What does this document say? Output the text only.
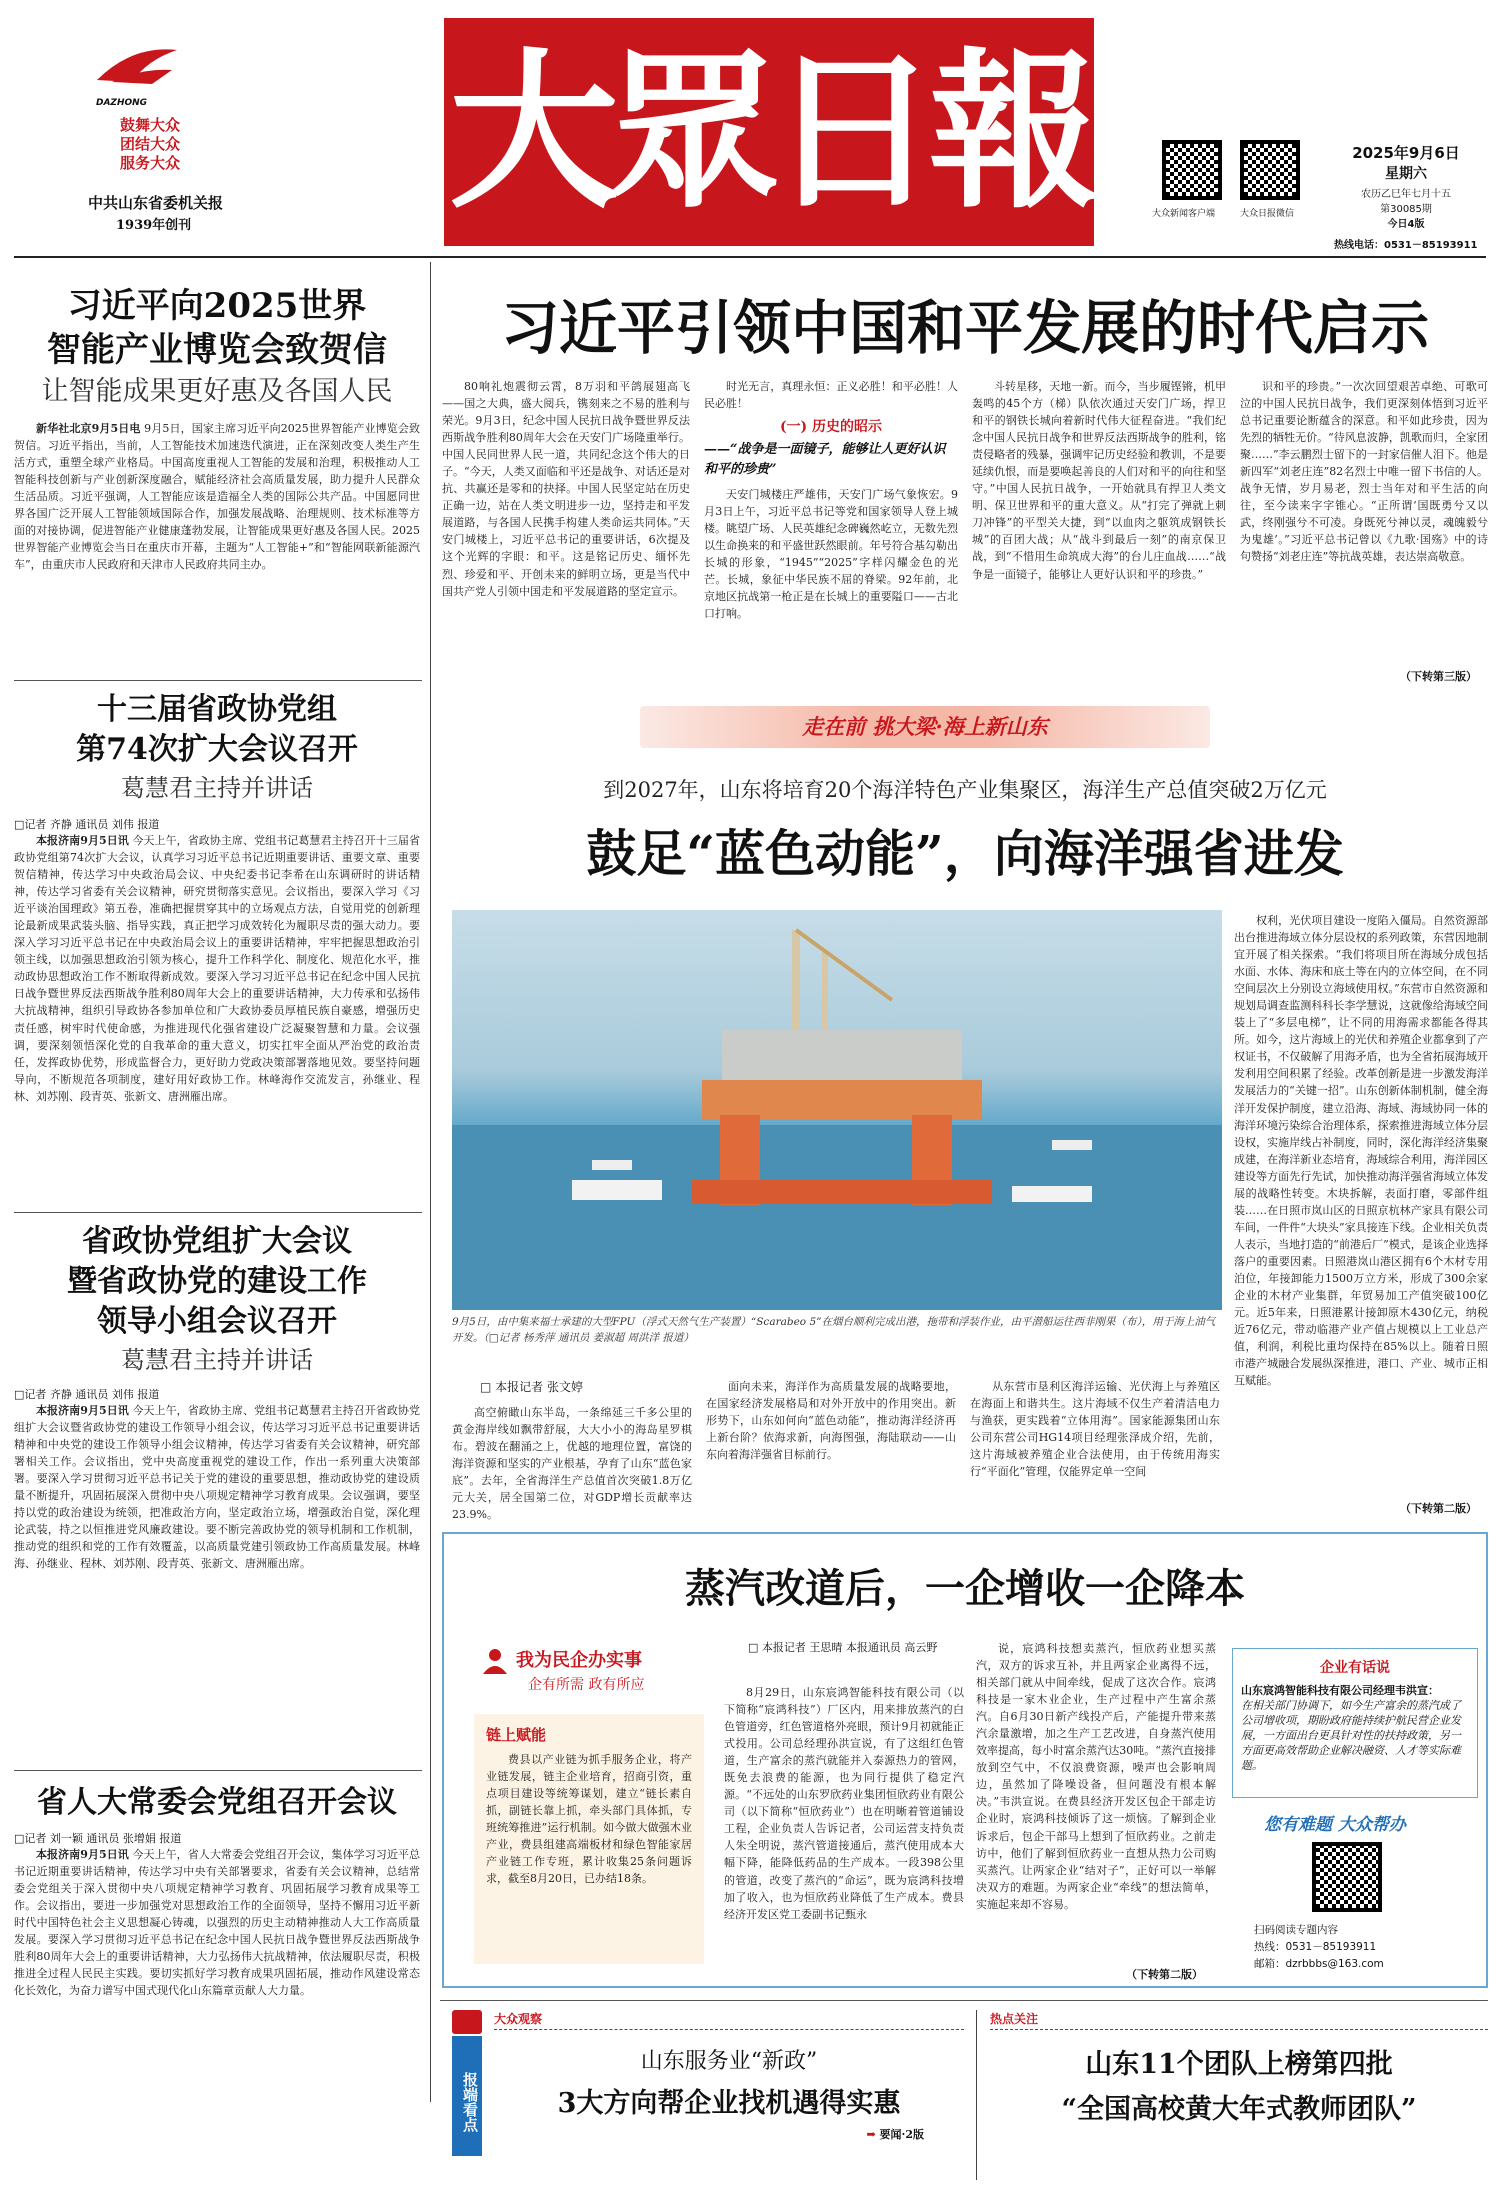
DAZHONG
鼓舞大众
团结大众
服务大众
中共山东省委机关报
1939年创刊 大眾日報	大众新闻客户端	大众日报微信
2025年9月6日
星期六
农历乙巳年七月十五
第30085期
今日4版
热线电话：0531－85193911
习近平向2025世界
智能产业博览会致贺信
让智能成果更好惠及各国人民

新华社北京9月5日电 9月5日，国家主席习近平向2025世界智能产业博览会致贺信。习近平指出，当前，人工智能技术加速迭代演进，正在深刻改变人类生产生活方式，重塑全球产业格局。中国高度重视人工智能的发展和治理，积极推动人工智能科技创新与产业创新深度融合，赋能经济社会高质量发展，助力提升人民群众生活品质。习近平强调，人工智能应该是造福全人类的国际公共产品。中国愿同世界各国广泛开展人工智能领域国际合作，加强发展战略、治理规则、技术标准等方面的对接协调，促进智能产业健康蓬勃发展，让智能成果更好惠及各国人民。2025世界智能产业博览会当日在重庆市开幕，主题为“人工智能+”和“智能网联新能源汽车”，由重庆市人民政府和天津市人民政府共同主办。

十三届省政协党组
第74次扩大会议召开
葛慧君主持并讲话
□记者 齐静 通讯员 刘伟 报道

本报济南9月5日讯 今天上午，省政协主席、党组书记葛慧君主持召开十三届省政协党组第74次扩大会议，认真学习习近平总书记近期重要讲话、重要文章、重要贺信精神，传达学习中央政治局会议、中央纪委书记李希在山东调研时的讲话精神，传达学习省委有关会议精神，研究贯彻落实意见。会议指出，要深入学习《习近平谈治国理政》第五卷，准确把握贯穿其中的立场观点方法，自觉用党的创新理论最新成果武装头脑、指导实践，真正把学习成效转化为履职尽责的强大动力。要深入学习习近平总书记在中央政治局会议上的重要讲话精神，牢牢把握思想政治引领主线，以加强思想政治引领为核心，提升工作科学化、制度化、规范化水平，推动政协思想政治工作不断取得新成效。要深入学习习近平总书记在纪念中国人民抗日战争暨世界反法西斯战争胜利80周年大会上的重要讲话精神，大力传承和弘扬伟大抗战精神，组织引导政协各参加单位和广大政协委员厚植民族自豪感，增强历史责任感，树牢时代使命感，为推进现代化强省建设广泛凝聚智慧和力量。会议强调，要深刻领悟深化党的自我革命的重大意义，切实扛牢全面从严治党的政治责任，发挥政协优势，形成监督合力，更好助力党政决策部署落地见效。要坚持问题导向，不断规范各项制度，建好用好政协工作。林峰海作交流发言，孙继业、程林、刘苏刚、段青英、张新文、唐洲雁出席。

省政协党组扩大会议
暨省政协党的建设工作
领导小组会议召开
葛慧君主持并讲话
□记者 齐静 通讯员 刘伟 报道

本报济南9月5日讯 今天上午，省政协主席、党组书记葛慧君主持召开省政协党组扩大会议暨省政协党的建设工作领导小组会议，传达学习习近平总书记重要讲话精神和中央党的建设工作领导小组会议精神，传达学习省委有关会议精神，研究部署相关工作。会议指出，党中央高度重视党的建设工作，作出一系列重大决策部署。要深入学习贯彻习近平总书记关于党的建设的重要思想，推动政协党的建设质量不断提升，巩固拓展深入贯彻中央八项规定精神学习教育成果。会议强调，要坚持以党的政治建设为统领，把准政治方向，坚定政治立场，增强政治自觉，深化理论武装，持之以恒推进党风廉政建设。要不断完善政协党的领导机制和工作机制，推动党的组织和党的工作有效覆盖，以高质量党建引领政协工作高质量发展。林峰海、孙继业、程林、刘苏刚、段青英、张新文、唐洲雁出席。

省人大常委会党组召开会议
□记者 刘一颖 通讯员 张增娟 报道

本报济南9月5日讯 今天上午，省人大常委会党组召开会议，集体学习习近平总书记近期重要讲话精神，传达学习中央有关部署要求，省委有关会议精神，总结常委会党组关于深入贯彻中央八项规定精神学习教育、巩固拓展学习教育成果等工作。会议指出，要进一步加强党对思想政治工作的全面领导，坚持不懈用习近平新时代中国特色社会主义思想凝心铸魂，以强烈的历史主动精神推动人大工作高质量发展。要深入学习贯彻习近平总书记在纪念中国人民抗日战争暨世界反法西斯战争胜利80周年大会上的重要讲话精神，大力弘扬伟大抗战精神，依法履职尽责，积极推进全过程人民民主实践。要切实抓好学习教育成果巩固拓展，推动作风建设常态化长效化，为奋力谱写中国式现代化山东篇章贡献人大力量。

习近平引领中国和平发展的时代启示

80响礼炮震彻云霄，8万羽和平鸽展翅高飞——国之大典，盛大阅兵，镌刻来之不易的胜利与荣光。9月3日，纪念中国人民抗日战争暨世界反法西斯战争胜利80周年大会在天安门广场隆重举行。中国人民同世界人民一道，共同纪念这个伟大的日子。“今天，人类又面临和平还是战争、对话还是对抗、共赢还是零和的抉择。中国人民坚定站在历史正确一边，站在人类文明进步一边，坚持走和平发展道路，与各国人民携手构建人类命运共同体。”天安门城楼上，习近平总书记的重要讲话，6次提及这个光辉的字眼：和平。这是铭记历史、缅怀先烈、珍爱和平、开创未来的鲜明立场，更是当代中国共产党人引领中国走和平发展道路的坚定宣示。

时光无言，真理永恒：正义必胜！和平必胜！人民必胜！

(一) 历史的昭示
——“战争是一面镜子，能够让人更好认识和平的珍贵”

天安门城楼庄严雄伟，天安门广场气象恢宏。9月3日上午，习近平总书记等党和国家领导人登上城楼。眺望广场、人民英雄纪念碑巍然屹立，无数先烈以生命换来的和平盛世跃然眼前。年号符合基勾勒出长城的形象，“1945”“2025”字样闪耀金色的光芒。长城，象征中华民族不屈的脊梁。92年前，北京地区抗战第一枪正是在长城上的重要隘口——古北口打响。

斗转星移，天地一新。而今，当步履铿锵，机甲轰鸣的45个方（梯）队依次通过天安门广场，捍卫和平的钢铁长城向着新时代伟大征程奋进。“我们纪念中国人民抗日战争和世界反法西斯战争的胜利，铭责侵略者的残暴，强调牢记历史经验和教训，不是要延续仇恨，而是要唤起善良的人们对和平的向往和坚守。”中国人民抗日战争，一开始就具有捍卫人类文明、保卫世界和平的重大意义。从“打完了弹就上刺刀冲锋”的平型关大捷，到“以血肉之躯筑成钢铁长城”的百团大战；从“战斗到最后一刻”的南京保卫战，到“不惜用生命筑成大海”的台儿庄血战……“战争是一面镜子，能够让人更好认识和平的珍贵。”

识和平的珍贵。”一次次回望艰苦卓绝、可歌可泣的中国人民抗日战争，我们更深刻体悟到习近平总书记重要论断蕴含的深意。和平如此珍贵，因为先烈的牺牲无价。“待风息波静，凯歌而归，全家团聚……”李云鹏烈士留下的一封家信催人泪下。他是新四军“刘老庄连”82名烈士中唯一留下书信的人。战争无情，岁月易老，烈士当年对和平生活的向往，至今读来字字锥心。“正所谓‘国既勇兮又以武，终刚强兮不可凌。身既死兮神以灵，魂魄毅兮为鬼雄’。”习近平总书记曾以《九歌·国殇》中的诗句赞扬“刘老庄连”等抗战英雄，表达崇高敬意。

（下转第三版）
走在前 挑大梁·海上新山东
到2027年，山东将培育20个海洋特色产业集聚区，海洋生产总值突破2万亿元
鼓足“蓝色动能”，向海洋强省进发
9月5日，由中集来福士承建的大型FPU（浮式天然气生产装置）“Scarabeo 5”在烟台顺利完成出港，拖带和浮装作业，由平潜船运往西非刚果（布），用于海上油气开发。（□记者 杨秀萍 通讯员 姜淑超 周洪洋 报道）
□ 本报记者 张文婷

高空俯瞰山东半岛，一条绵延三千多公里的黄金海岸线如飘带舒展，大大小小的海岛星罗棋布。碧波在翻涌之上，优越的地理位置，富饶的海洋资源和坚实的产业根基，孕育了山东“蓝色家底”。去年，全省海洋生产总值首次突破1.8万亿元大关，居全国第二位，对GDP增长贡献率达23.9%。

面向未来，海洋作为高质量发展的战略要地，在国家经济发展格局和对外开放中的作用突出。新形势下，山东如何向“蓝色动能”，推动海洋经济再上新台阶？依海求新，向海图强，海陆联动——山东向着海洋强省目标前行。

从东营市垦利区海洋运输、光伏海上与养殖区在海面上和谐共生。这片海域不仅生产着清洁电力与渔获，更实践着“立体用海”。国家能源集团山东公司东营公司HG14项目经理张泽成介绍，先前，这片海域被养殖企业合法使用，由于传统用海实行“平面化”管理，仅能界定单一空间

权利，光伏项目建设一度陷入僵局。自然资源部出台推进海域立体分层设权的系列政策，东营因地制宜开展了相关探索。“我们将项目所在海域分成包括水面、水体、海床和底土等在内的立体空间，在不同空间层次上分别设立海域使用权。”东营市自然资源和规划局调查监测科科长李学慧说，这就像给海域空间装上了“多层电梯”，让不同的用海需求都能各得其所。如今，这片海域上的光伏和养殖企业都拿到了产权证书，不仅破解了用海矛盾，也为全省拓展海域开发利用空间积累了经验。改革创新是进一步激发海洋发展活力的“关键一招”。山东创新体制机制，健全海洋开发保护制度，建立沿海、海域、海域协同一体的海洋环境污染综合治理体系，探索推进海域立体分层设权，实施岸线占补制度，同时，深化海洋经济集聚成建，在海洋新业态培育，海域综合利用，海洋园区建设等方面先行先试，加快推动海洋强省海域立体发展的战略性转变。木块拆解，表面打磨，零部件组装……在日照市岚山区的日照京杭林产家具有限公司车间，一件件“大块头”家具接连下线。企业相关负责人表示，当地打造的“前港后厂”模式，是该企业选择落户的重要因素。日照港岚山港区拥有6个木材专用泊位，年接卸能力1500万立方米，形成了300余家企业的木材产业集群，年贸易加工产值突破100亿元。近5年来，日照港累计接卸原木430亿元，纳税近76亿元，带动临港产业产值占规模以上工业总产值，利润，利税比重均保持在85%以上。随着日照市港产城融合发展纵深推进，港口、产业、城市正相互赋能。

（下转第二版）
蒸汽改道后，一企增收一企降本
我为民企办实事
企有所需 政有所应
链上赋能

费县以产业链为抓手服务企业，将产业链发展，链主企业培育，招商引资，重点项目建设等统筹谋划，建立“链长素自抓，副链长靠上抓，牵头部门具体抓，专班统筹推进”运行机制。如今做大做强木业产业，费县组建高端板材和绿色智能家居产业链工作专班，累计收集25条问题诉求，截至8月20日，已办结18条。

□ 本报记者 王思晴 本报通讯员 高云野

8月29日，山东宸鸿智能科技有限公司（以下简称“宸鸿科技”）厂区内，用来排放蒸汽的白色管道旁，红色管道格外亮眼，预计9月初就能正式投用。公司总经理孙洪宣说，有了这组红色管道，生产富余的蒸汽就能并入泰源热力的管网，既免去浪费的能源，也为同行提供了稳定汽源。“不远处的山东罗欣药业集团恒欣药业有限公司（以下简称“恒欣药业”）也在明晰着管道铺设工程，企业负责人告诉记者，公司运营支持负责人朱全明说，蒸汽管道接通后，蒸汽使用成本大幅下降，能降低药品的生产成本。一段398公里的管道，改变了蒸汽的“命运”，既为宸鸿科技增加了收入，也为恒欣药业降低了生产成本。费县经济开发区党工委副书记甄永

说，宸鸿科技想卖蒸汽，恒欣药业想买蒸汽，双方的诉求互补，并且两家企业离得不远，相关部门就从中间牵线，促成了这次合作。宸鸿科技是一家木业企业，生产过程中产生富余蒸汽。自6月30日新产线投产后，产能提升带来蒸汽余量激增，加之生产工艺改进，自身蒸汽使用效率提高，每小时富余蒸汽达30吨。“蒸汽直接排放到空气中，不仅浪费资源，噪声也会影响周边，虽然加了降噪设备，但问题没有根本解决。”韦洪宣说。在费县经济开发区包企干部走访企业时，宸鸿科技倾诉了这一烦恼。了解到企业诉求后，包企干部马上想到了恒欣药业。之前走访中，他们了解到恒欣药业一直想从热力公司购买蒸汽。让两家企业“结对子”，正好可以一举解决双方的难题。为两家企业“牵线”的想法简单，实施起来却不容易。

（下转第二版）
企业有话说
山东宸鸿智能科技有限公司经理韦洪宣：
在相关部门协调下，如今生产富余的蒸汽成了公司增收项，期盼政府能持续护航民营企业发展，一方面出台更具针对性的扶持政策，另一方面更高效帮助企业解决融资、人才等实际难题。
您有难题 大众帮办
扫码阅读专题内容
热线：0531－85193911
邮箱：dzrbbbs@163.com
报端看点
大众观察
山东服务业“新政”
3大方向帮企业找机遇得实惠
➡ 要闻·2版
热点关注
山东11个团队上榜第四批
“全国高校黄大年式教师团队”
